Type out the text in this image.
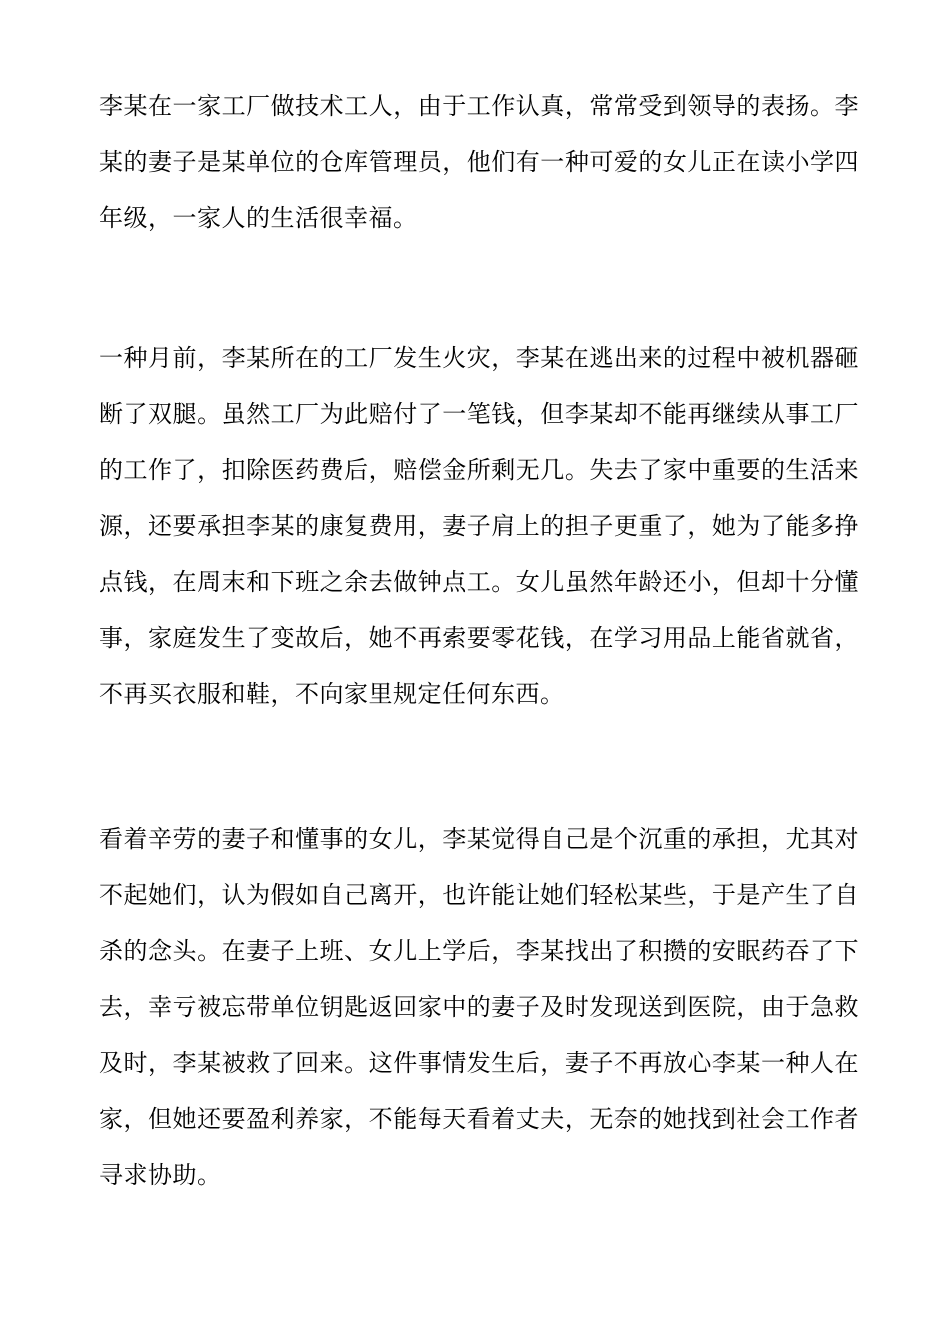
李某在一家工厂做技术工人，由于工作认真，常常受到领导的表扬。李某的妻子是某单位的仓库管理员，他们有一种可爱的女儿正在读小学四年级，一家人的生活很幸福。

一种月前，李某所在的工厂发生火灾，李某在逃出来的过程中被机器砸断了双腿。虽然工厂为此赔付了一笔钱，但李某却不能再继续从事工厂的工作了，扣除医药费后，赔偿金所剩无几。失去了家中重要的生活来源，还要承担李某的康复费用，妻子肩上的担子更重了，她为了能多挣点钱，在周末和下班之余去做钟点工。女儿虽然年龄还小，但却十分懂事，家庭发生了变故后，她不再索要零花钱，在学习用品上能省就省，不再买衣服和鞋，不向家里规定任何东西。

看着辛劳的妻子和懂事的女儿，李某觉得自己是个沉重的承担，尤其对不起她们，认为假如自己离开，也许能让她们轻松某些，于是产生了自杀的念头。在妻子上班、女儿上学后，李某找出了积攒的安眠药吞了下去，幸亏被忘带单位钥匙返回家中的妻子及时发现送到医院，由于急救及时，李某被救了回来。这件事情发生后，妻子不再放心李某一种人在家，但她还要盈利养家，不能每天看着丈夫，无奈的她找到社会工作者寻求协助。
